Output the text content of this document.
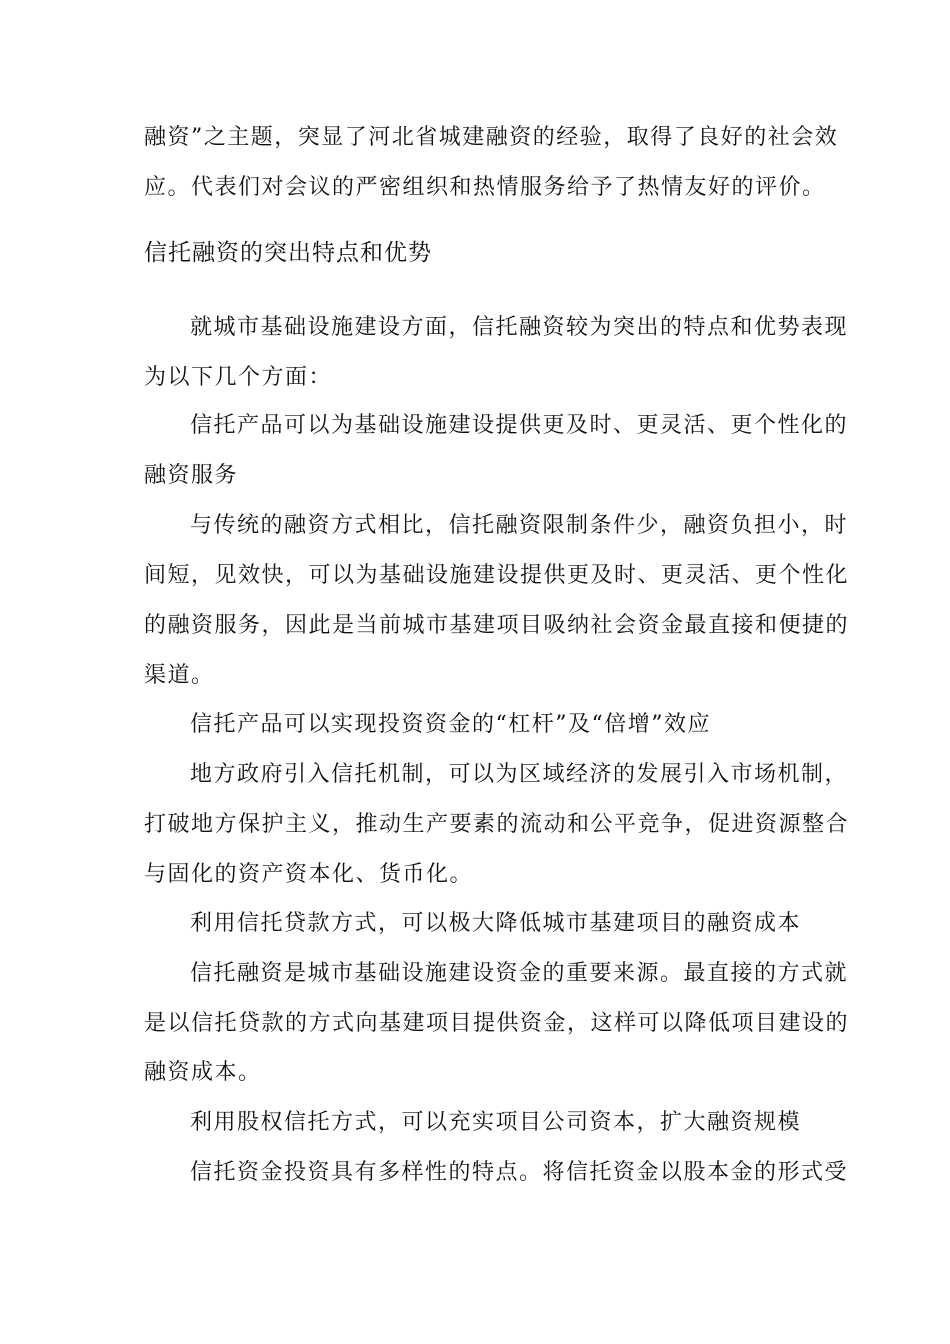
融资”之主题，突显了河北省城建融资的经验，取得了良好的社会效
应。代表们对会议的严密组织和热情服务给予了热情友好的评价。
信托融资的突出特点和优势
就城市基础设施建设方面，信托融资较为突出的特点和优势表现
为以下几个方面：
信托产品可以为基础设施建设提供更及时、更灵活、更个性化的
融资服务
与传统的融资方式相比，信托融资限制条件少，融资负担小，时
间短，见效快，可以为基础设施建设提供更及时、更灵活、更个性化
的融资服务，因此是当前城市基建项目吸纳社会资金最直接和便捷的
渠道。
信托产品可以实现投资资金的“杠杆”及“倍增”效应
地方政府引入信托机制，可以为区域经济的发展引入市场机制，
打破地方保护主义，推动生产要素的流动和公平竞争，促进资源整合
与固化的资产资本化、货币化。
利用信托贷款方式，可以极大降低城市基建项目的融资成本
信托融资是城市基础设施建设资金的重要来源。最直接的方式就
是以信托贷款的方式向基建项目提供资金，这样可以降低项目建设的
融资成本。
利用股权信托方式，可以充实项目公司资本，扩大融资规模
信托资金投资具有多样性的特点。将信托资金以股本金的形式受
